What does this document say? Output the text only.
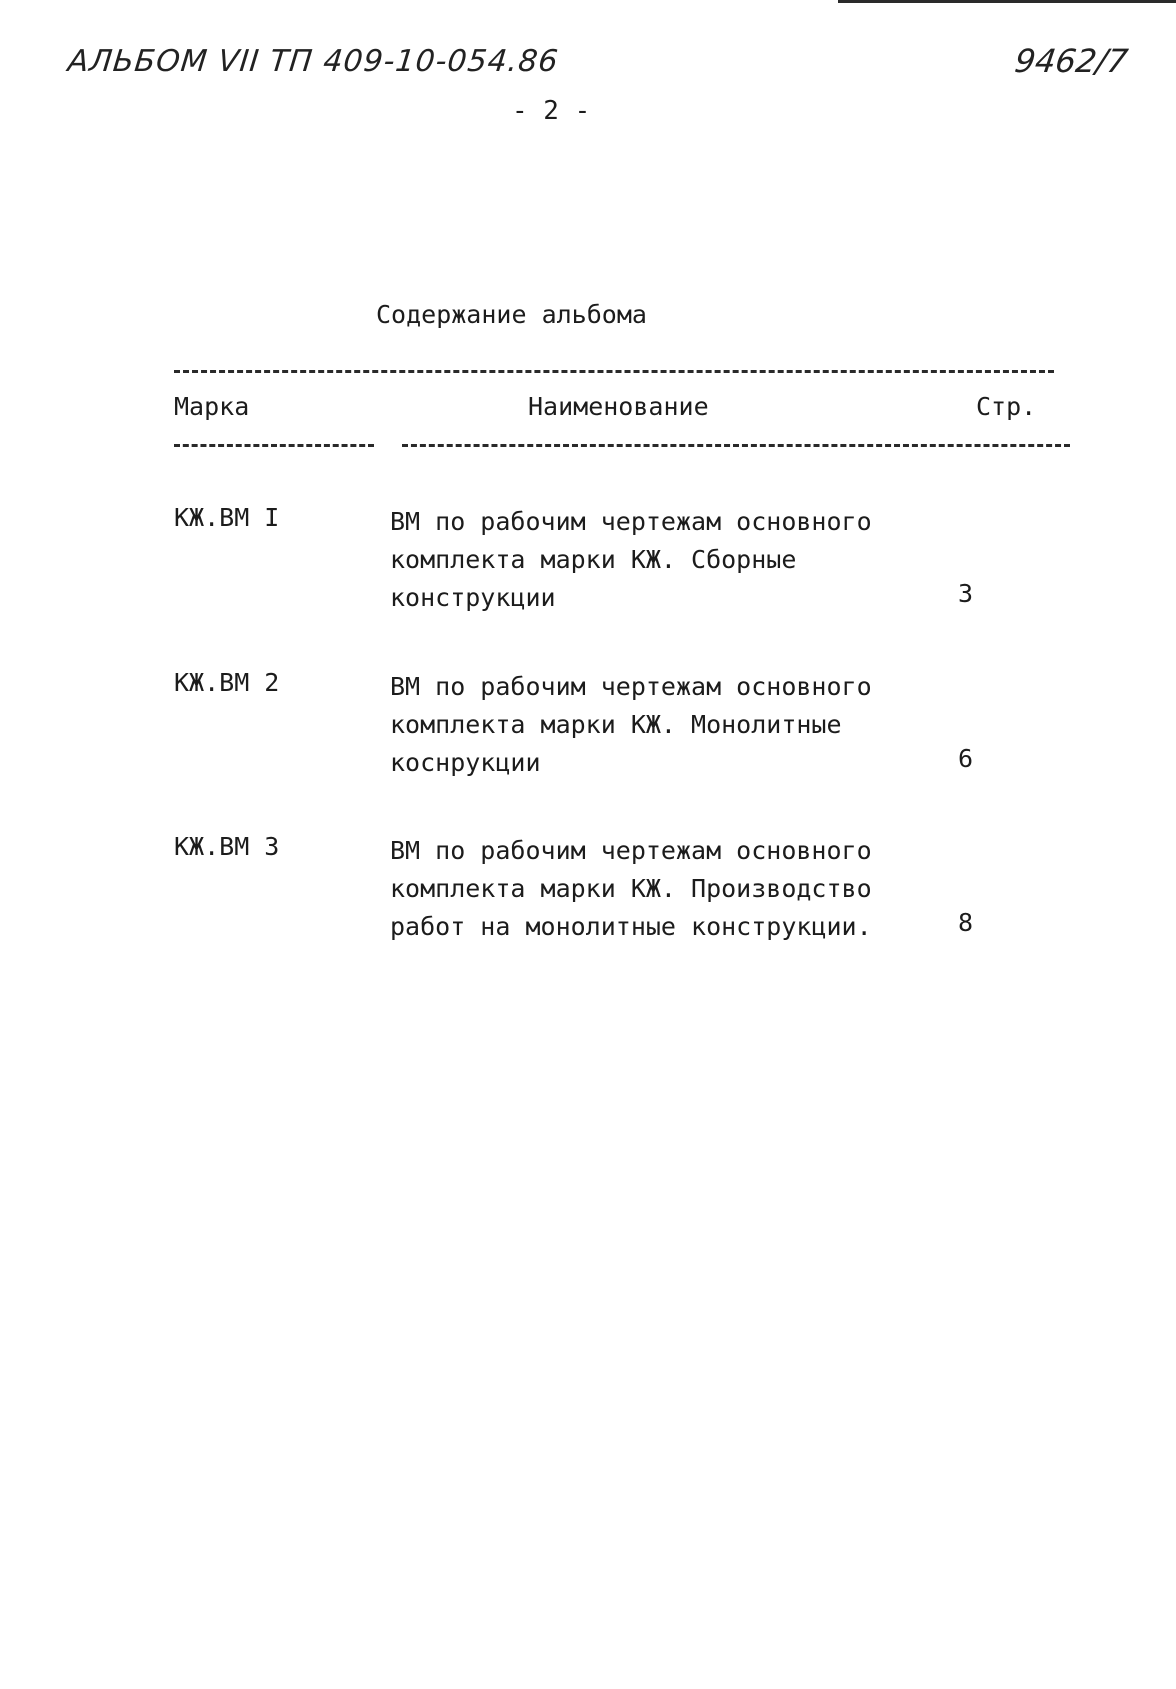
АЛЬБОМ VII ТП 409-10-054.86	9462/7
- 2 -
Содержание альбома
Марка	Наименование	Стр.
КЖ.ВМ I	ВМ по рабочим чертежам основного
комплекта марки КЖ. Сборные
конструкции	3
КЖ.ВМ 2	ВМ по рабочим чертежам основного
комплекта марки КЖ. Монолитные
коснрукции	6
КЖ.ВМ 3	ВМ по рабочим чертежам основного
комплекта марки КЖ. Производство
работ на монолитные конструкции.	8
